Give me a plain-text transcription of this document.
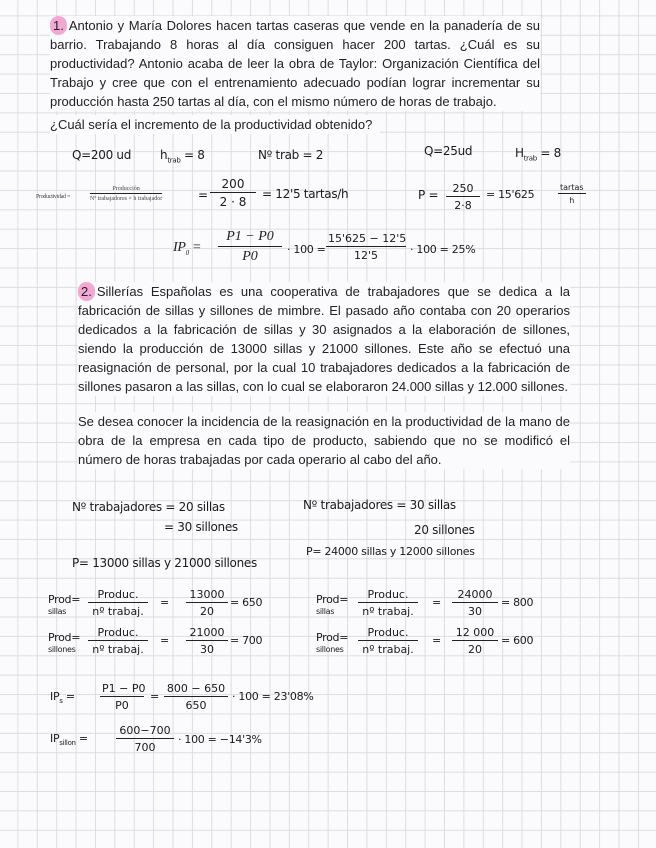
1. Antonio y María Dolores hacen tartas caseras que vende en la panadería de su barrio. Trabajando 8 horas al día consiguen hacer 200 tartas. ¿Cuál es su productividad? Antonio acaba de leer la obra de Taylor: Organización Científica del Trabajo y cree que con el entrenamiento adecuado podían lograr incrementar su producción hasta 250 tartas al día, con el mismo número de horas de trabajo.

¿Cuál sería el incremento de la productividad obtenido?

Q=200 ud $h_{trab} = 8$	Nº trab = 2	Q=25ud	$H_{trab} = 8$
Productividad =
Producción
Nº trabajadores × h trabajador	= $\frac{200}{2 \cdot 8} = 12'5$ tartas/h	$P = \frac{250}{2\cdot 8} = 15'625$
tartas
h
$IP_0 = \frac{P1 - P0}{P0} \cdot 100 = \frac{15'625 - 12'5}{12'5} \cdot 100 = 25\%$

2. Sillerías Españolas es una cooperativa de trabajadores que se dedica a la fabricación de sillas y sillones de mimbre. El pasado año contaba con 20 operarios dedicados a la fabricación de sillas y 30 asignados a la elaboración de sillones, siendo la producción de 13000 sillas y 21000 sillones. Este año se efectuó una reasignación de personal, por la cual 10 trabajadores dedicados a la fabricación de sillones pasaron a las sillas, con lo cual se elaboraron 24.000 sillas y 12.000 sillones.

Se desea conocer la incidencia de la reasignación en la productividad de la mano de obra de la empresa en cada tipo de producto, sabiendo que no se modificó el número de horas trabajadas por cada operario al cabo del año.

Nº trabajadores = 20 sillas
= 30 sillones
Nº trabajadores = 30 sillas
20 sillones
P= 13000 sillas y 21000 sillones
P= 24000 sillas y 12000 sillones
Prod=
sillas
Produc.
nº trabaj.
= $\frac{13000}{20} = 650$
Prod=
sillones
Produc.
nº trabaj.
= $\frac{21000}{30} = 700$
Prod=
sillas
Produc.
nº trabaj.
= $\frac{24000}{30} = 800$
Prod=
sillones
Produc.
nº trabaj.
= $\frac{12 000}{20} = 600$
$IP_s = \frac{P1 - P0}{P0} = \frac{800 - 650}{650} \cdot 100 = 23'08\%$
$IP_{sillon}$ =	$\frac{600-700}{700} \cdot 100 = -14'3\%$
